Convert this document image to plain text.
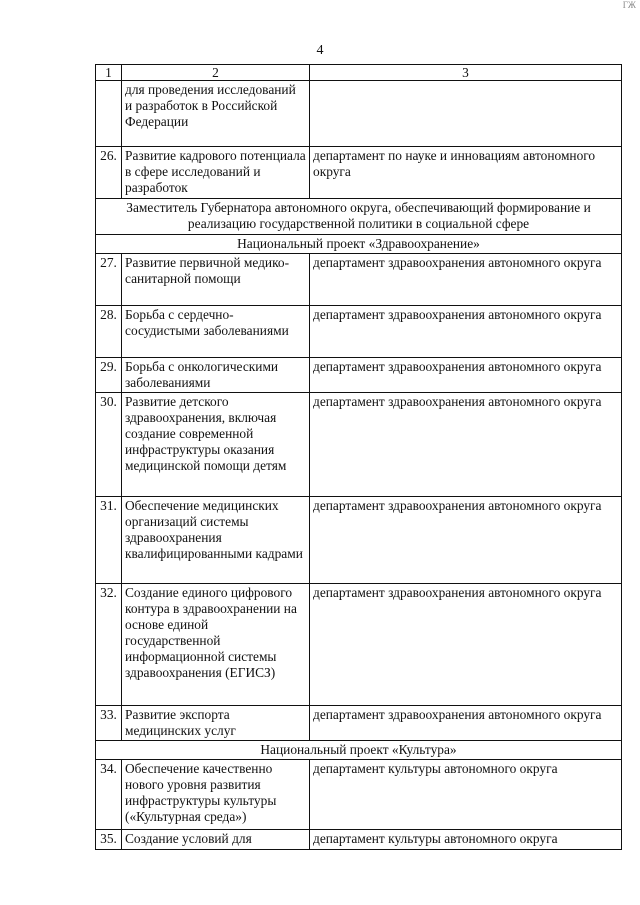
ГЖ
4
1	2	3
	для проведения исследований и разработок в Российской Федерации	
26.	Развитие кадрового потенциала в сфере исследований и разработок	департамент по науке и инновациям автономного округа
Заместитель Губернатора автономного округа, обеспечивающий формирование и реализацию государственной политики в социальной сфере		
Национальный проект «Здравоохранение»		
27.	Развитие первичной медико-санитарной помощи	департамент здравоохранения автономного округа
28.	Борьба с сердечно-сосудистыми заболеваниями	департамент здравоохранения автономного округа
29.	Борьба с онкологическими заболеваниями	департамент здравоохранения автономного округа
30.	Развитие детского здравоохранения, включая создание современной инфраструктуры оказания медицинской помощи детям	департамент здравоохранения автономного округа
31.	Обеспечение медицинских организаций системы здравоохранения квалифицированными кадрами	департамент здравоохранения автономного округа
32.	Создание единого цифрового контура в здравоохранении на основе единой государственной информационной системы здравоохранения (ЕГИСЗ)	департамент здравоохранения автономного округа
33.	Развитие экспорта медицинских услуг	департамент здравоохранения автономного округа
Национальный проект «Культура»		
34.	Обеспечение качественно нового уровня развития инфраструктуры культуры («Культурная среда»)	департамент культуры автономного округа
35.	Создание условий для	департамент культуры автономного округа
